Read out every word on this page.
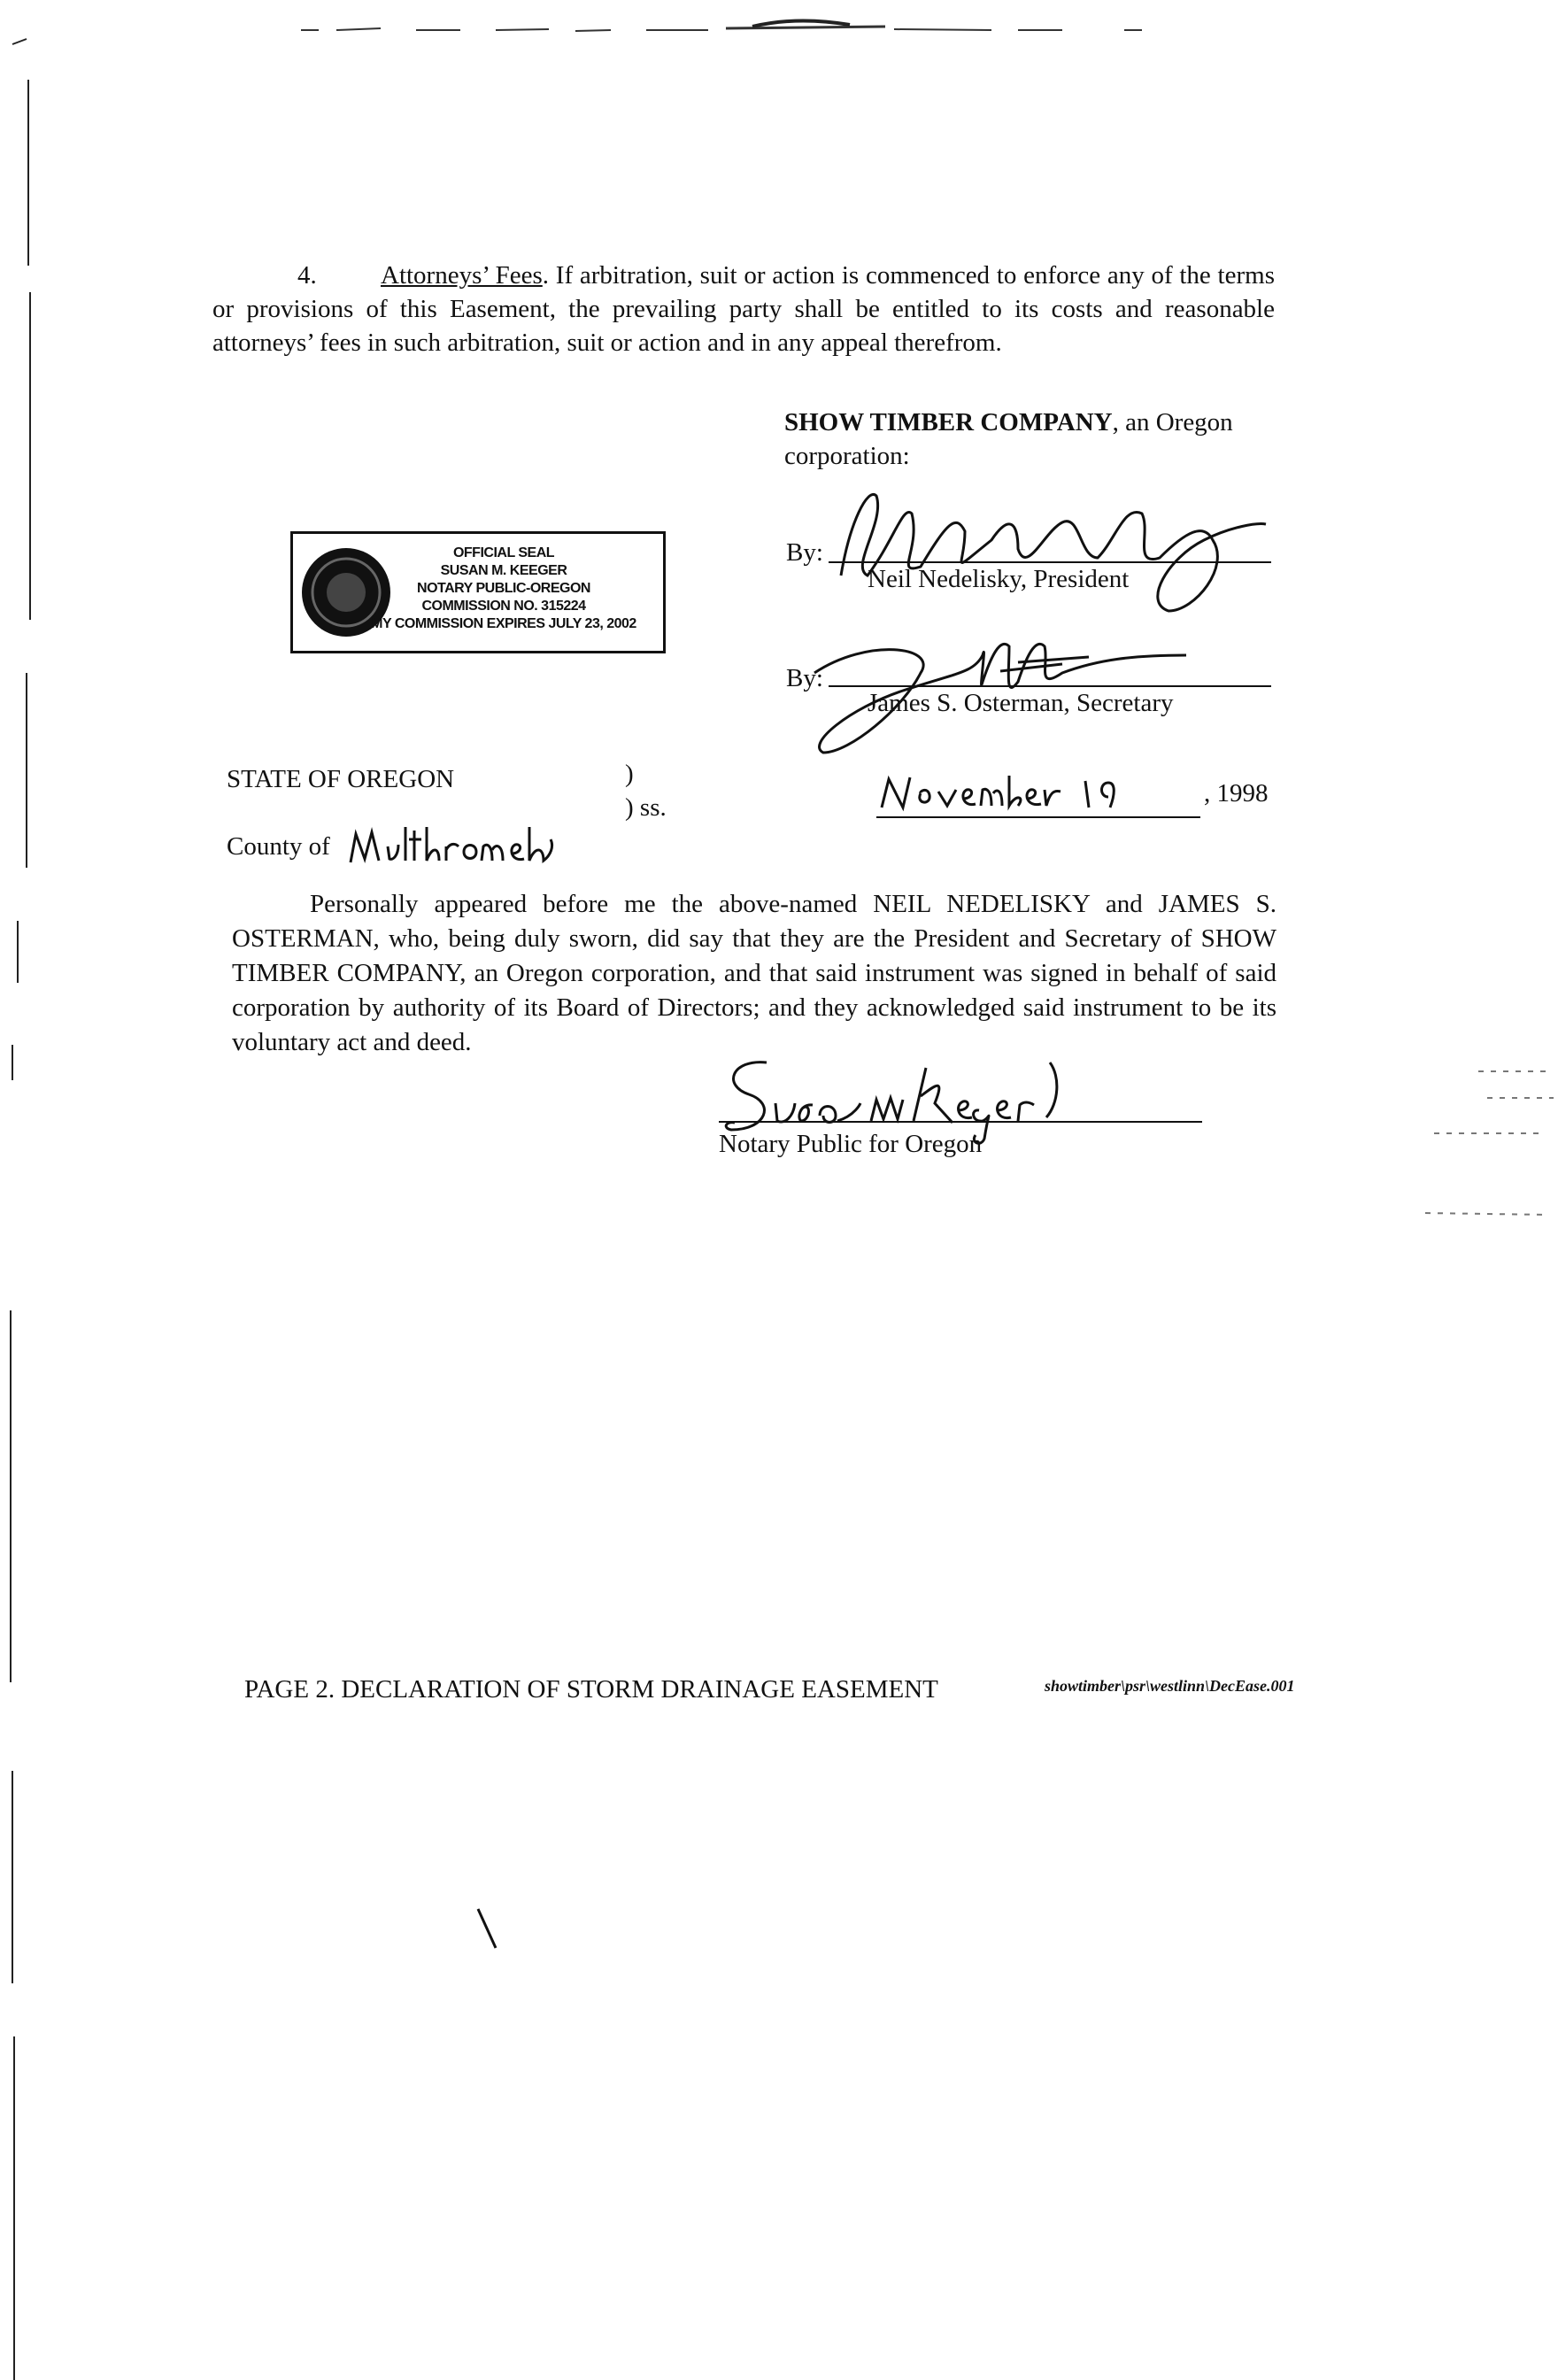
4. Attorneys’ Fees. If arbitration, suit or action is commenced to enforce any of the terms or provisions of this Easement, the prevailing party shall be entitled to its costs and reasonable attorneys’ fees in such arbitration, suit or action and in any appeal therefrom.
SHOW TIMBER COMPANY, an Oregon corporation:
OFFICIAL SEAL
SUSAN M. KEEGER
NOTARY PUBLIC-OREGON
COMMISSION NO. 315224
MY COMMISSION EXPIRES JULY 23, 2002
By:
Neil Nedelisky, President
By:
James S. Osterman, Secretary
STATE OF OREGON	)
) ss.	, 1998
County of

Personally appeared before me the above-named NEIL NEDELISKY and JAMES S. OSTERMAN, who, being duly sworn, did say that they are the President and Secretary of SHOW TIMBER COMPANY, an Oregon corporation, and that said instrument was signed in behalf of said corporation by authority of its Board of Directors; and they acknowledged said instrument to be its voluntary act and deed.

Notary Public for Oregon
PAGE 2. DECLARATION OF STORM DRAINAGE EASEMENT	showtimber\psr\westlinn\DecEase.001
